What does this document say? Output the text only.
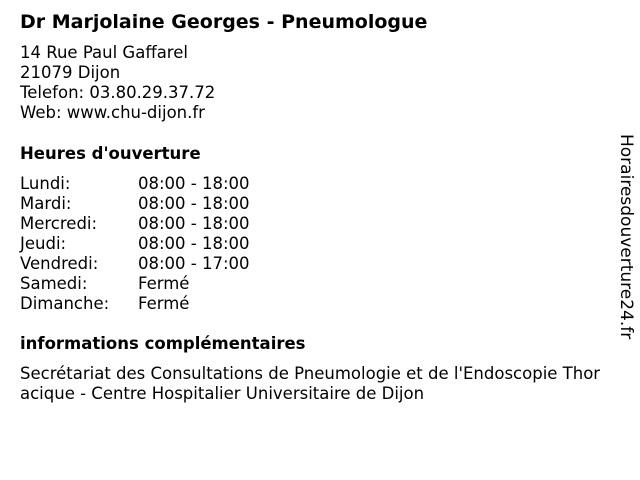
Dr Marjolaine Georges - Pneumologue
14 Rue Paul Gaffarel
21079 Dijon
Telefon: 03.80.29.37.72
Web: www.chu-dijon.fr
Heures d'ouverture
Lundi:	08:00 - 18:00
Mardi:	08:00 - 18:00
Mercredi: 08:00 - 18:00
Jeudi:	08:00 - 18:00
Vendredi: 08:00 - 17:00
Samedi:	Fermé
Dimanche: Fermé
informations complémentaires
Secrétariat des Consultations de Pneumologie et de l'Endoscopie Thoracique - Centre Hospitalier Universitaire de Dijon
Horairesdouverture24.fr
